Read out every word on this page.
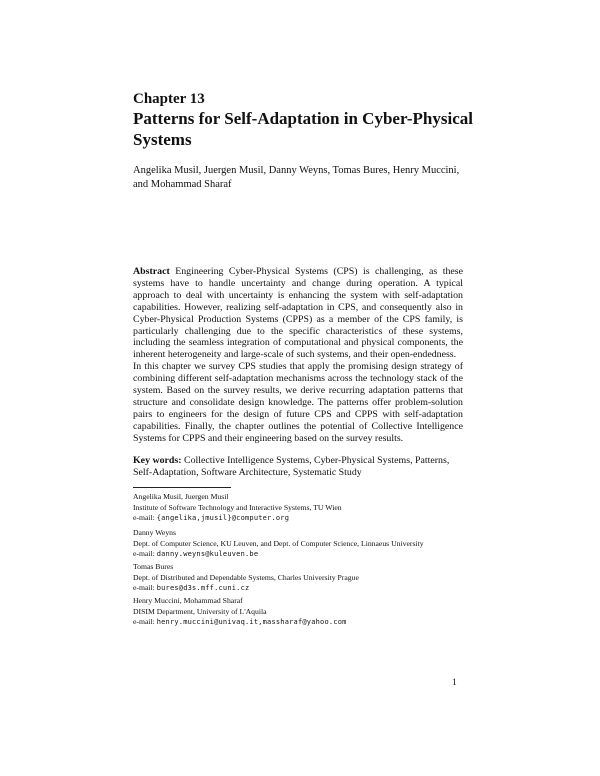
Chapter 13
Patterns for Self-Adaptation in Cyber-Physical Systems
Angelika Musil, Juergen Musil, Danny Weyns, Tomas Bures, Henry Muccini, and Mohammad Sharaf

Abstract Engineering Cyber-Physical Systems (CPS) is challenging, as these systems have to handle uncertainty and change during operation. A typical approach to deal with uncertainty is enhancing the system with self-adaptation capabilities. However, realizing self-adaptation in CPS, and consequently also in Cyber-Physical Production Systems (CPPS) as a member of the CPS family, is particularly challenging due to the specific characteristics of these systems, including the seamless integration of computational and physical components, the inherent heterogeneity and large-scale of such systems, and their open-endedness.

In this chapter we survey CPS studies that apply the promising design strategy of combining different self-adaptation mechanisms across the technology stack of the system. Based on the survey results, we derive recurring adaptation patterns that structure and consolidate design knowledge. The patterns offer problem-solution pairs to engineers for the design of future CPS and CPPS with self-adaptation capabilities. Finally, the chapter outlines the potential of Collective Intelligence Systems for CPPS and their engineering based on the survey results.

Key words: Collective Intelligence Systems, Cyber-Physical Systems, Patterns, Self-Adaptation, Software Architecture, Systematic Study
Angelika Musil, Juergen Musil
Institute of Software Technology and Interactive Systems, TU Wien
e-mail: {angelika,jmusil}@computer.org
Danny Weyns
Dept. of Computer Science, KU Leuven, and Dept. of Computer Science, Linnaeus University
e-mail: danny.weyns@kuleuven.be
Tomas Bures
Dept. of Distributed and Dependable Systems, Charles University Prague
e-mail: bures@d3s.mff.cuni.cz
Henry Muccini, Mohammad Sharaf
DISIM Department, University of L'Aquila
e-mail: henry.muccini@univaq.it,massharaf@yahoo.com
1
